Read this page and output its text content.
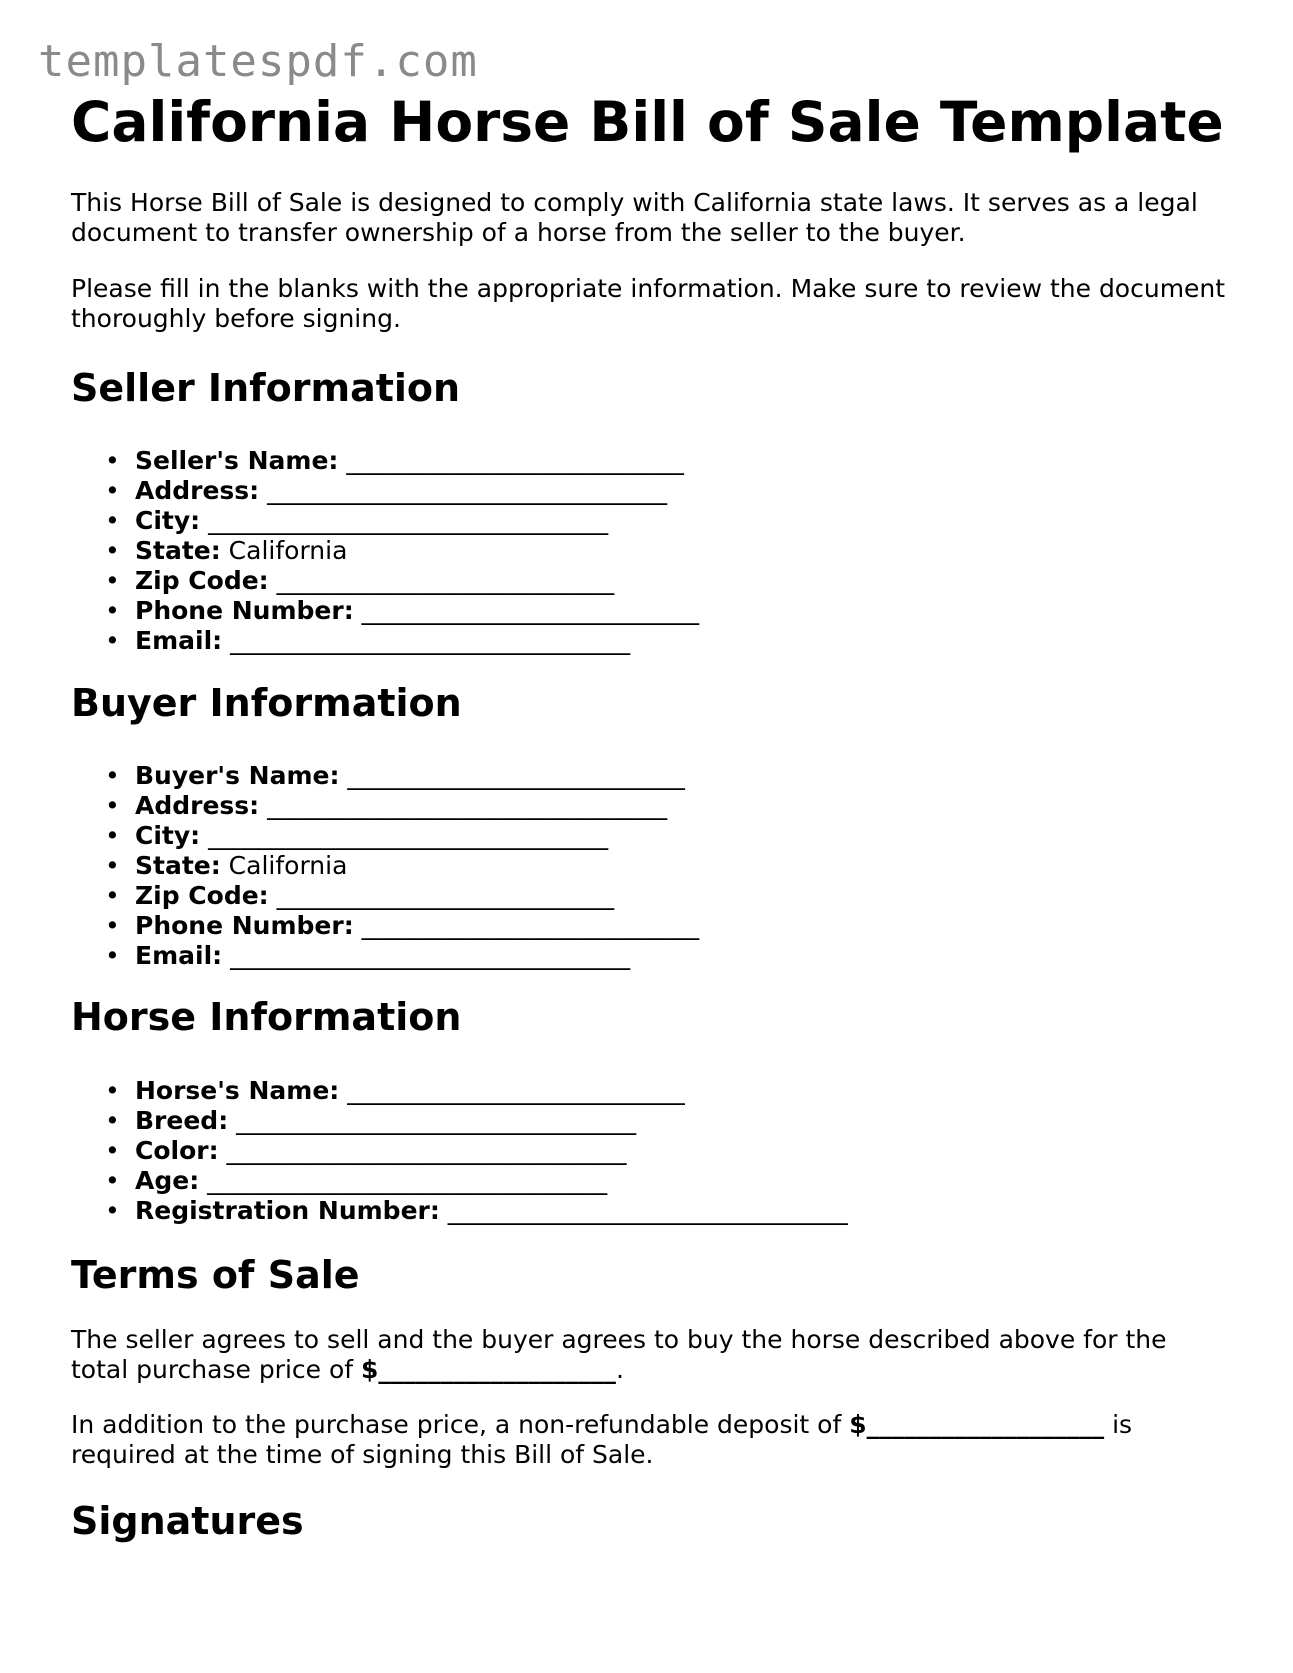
templatespdf.com
California Horse Bill of Sale Template

This Horse Bill of Sale is designed to comply with California state laws. It serves as a legal document to transfer ownership of a horse from the seller to the buyer.

Please fill in the blanks with the appropriate information. Make sure to review the document thoroughly before signing.

Seller Information
• Seller's Name: ___________________________
• Address: ________________________________
• City: ________________________________
• State: California
• Zip Code: ___________________________
• Phone Number: ___________________________
• Email: ________________________________
Buyer Information
• Buyer's Name: ___________________________
• Address: ________________________________
• City: ________________________________
• State: California
• Zip Code: ___________________________
• Phone Number: ___________________________
• Email: ________________________________
Horse Information
• Horse's Name: ___________________________
• Breed: ________________________________
• Color: ________________________________
• Age: ________________________________
• Registration Number: ________________________________
Terms of Sale

The seller agrees to sell and the buyer agrees to buy the horse described above for the total purchase price of $___________________.

In addition to the purchase price, a non-refundable deposit of $___________________ is required at the time of signing this Bill of Sale.

Signatures
